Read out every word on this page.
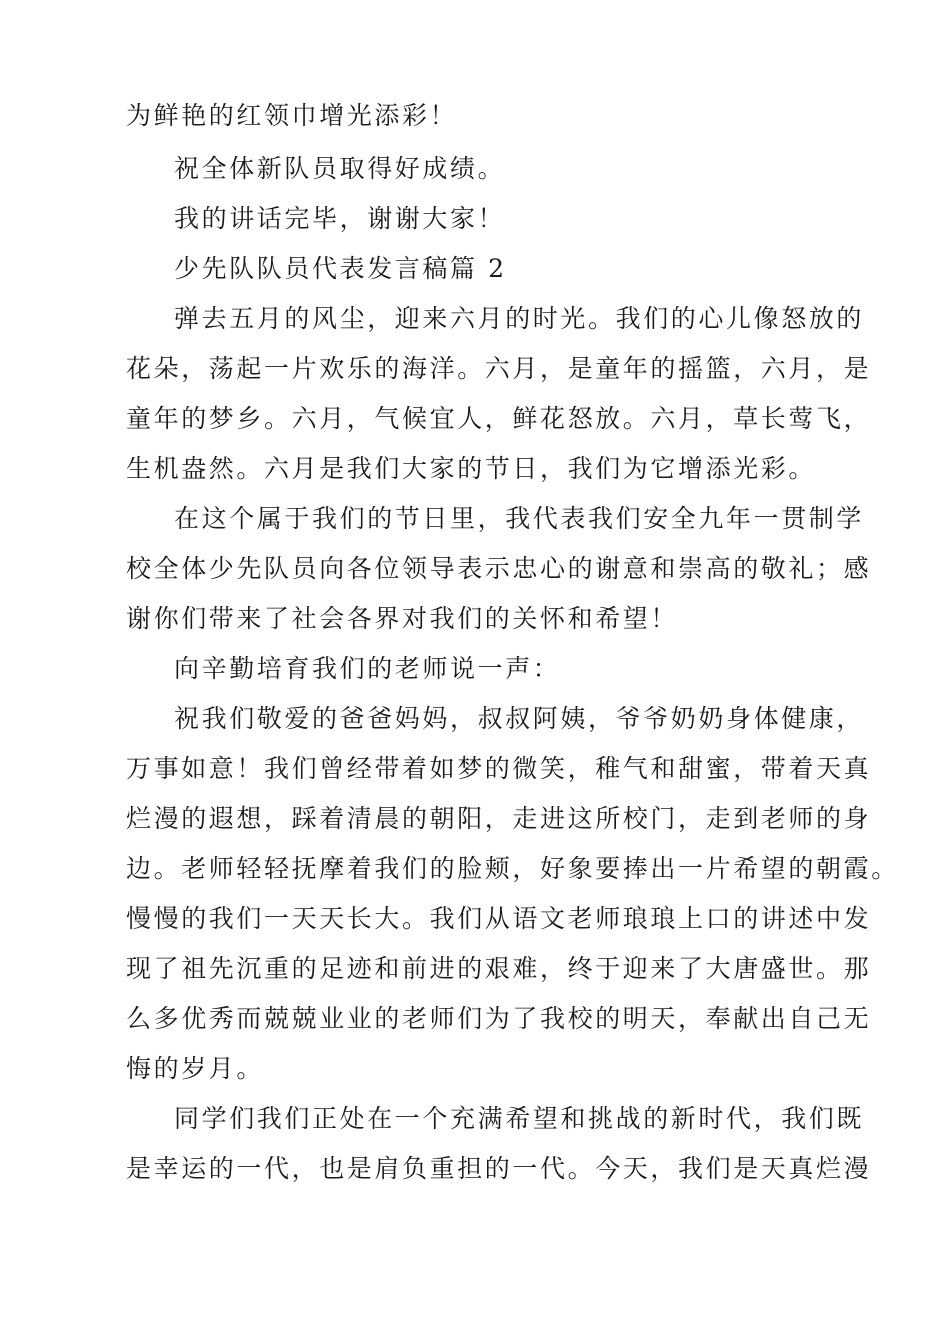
为鲜艳的红领巾增光添彩！
祝全体新队员取得好成绩。
我的讲话完毕，谢谢大家！
少先队队员代表发言稿篇 2
弹去五月的风尘，迎来六月的时光。我们的心儿像怒放的
花朵，荡起一片欢乐的海洋。六月，是童年的摇篮，六月，是
童年的梦乡。六月，气候宜人，鲜花怒放。六月，草长莺飞，
生机盎然。六月是我们大家的节日，我们为它增添光彩。
在这个属于我们的节日里，我代表我们安全九年一贯制学
校全体少先队员向各位领导表示忠心的谢意和崇高的敬礼；感
谢你们带来了社会各界对我们的关怀和希望！
向辛勤培育我们的老师说一声：
祝我们敬爱的爸爸妈妈，叔叔阿姨，爷爷奶奶身体健康，
万事如意！我们曾经带着如梦的微笑，稚气和甜蜜，带着天真
烂漫的遐想，踩着清晨的朝阳，走进这所校门，走到老师的身
边。老师轻轻抚摩着我们的脸颊，好象要捧出一片希望的朝霞。
慢慢的我们一天天长大。我们从语文老师琅琅上口的讲述中发
现了祖先沉重的足迹和前进的艰难，终于迎来了大唐盛世。那
么多优秀而兢兢业业的老师们为了我校的明天，奉献出自己无
悔的岁月。
同学们我们正处在一个充满希望和挑战的新时代，我们既
是幸运的一代，也是肩负重担的一代。今天，我们是天真烂漫
